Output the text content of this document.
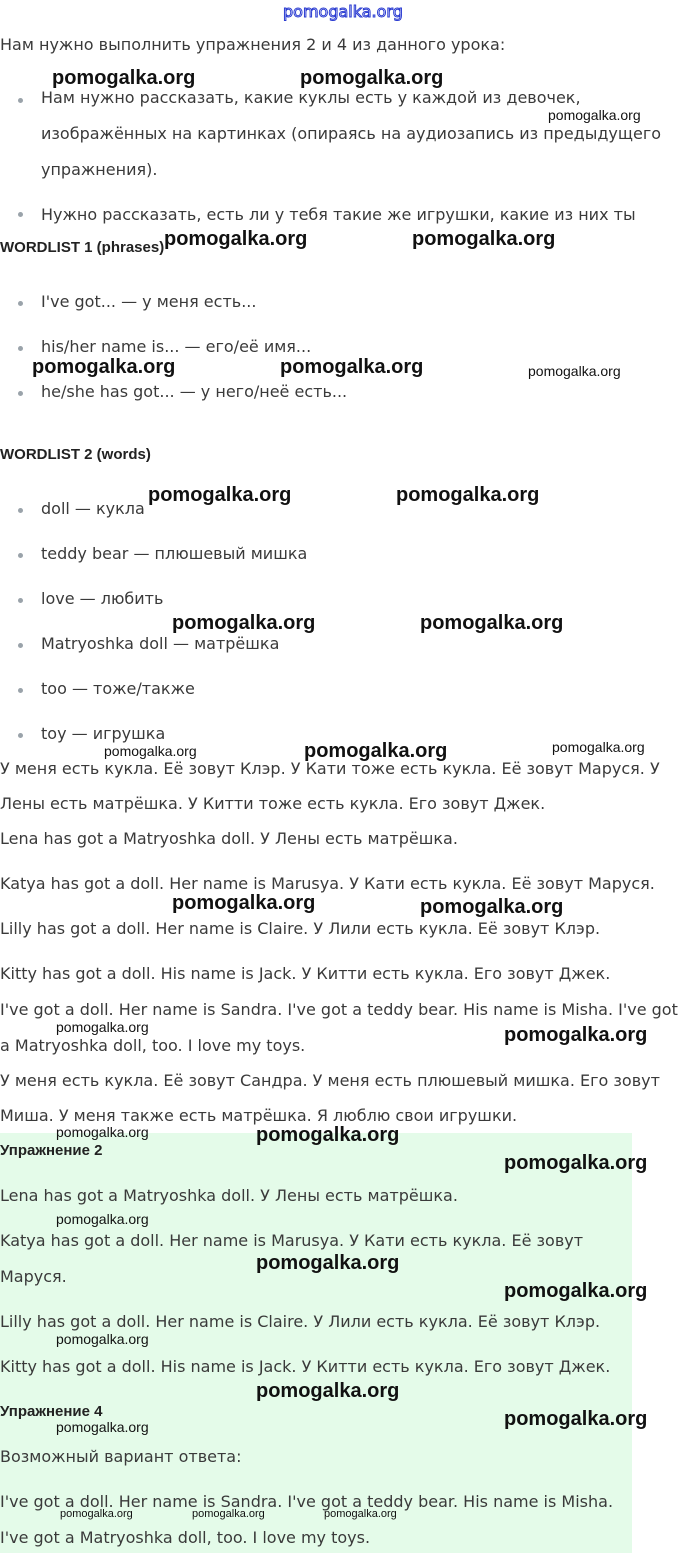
pomogalka.org
Нам нужно выполнить упражнения 2 и 4 из данного урока:
Нам нужно рассказать, какие куклы есть у каждой из девочек,
изображённых на картинках (опираясь на аудиозапись из предыдущего
упражнения).
Нужно рассказать, есть ли у тебя такие же игрушки, какие из них ты
WORDLIST 1 (phrases)
I've got... — у меня есть...
his/her name is... — его/её имя...
he/she has got... — у него/неё есть...
WORDLIST 2 (words)
doll — кукла
teddy bear — плюшевый мишка
love — любить
Matryoshka doll — матрёшка
too — тоже/также
toy — игрушка
У меня есть кукла. Её зовут Клэр. У Кати тоже есть кукла. Её зовут Маруся. У
Лены есть матрёшка. У Китти тоже есть кукла. Его зовут Джек.
Lena has got a Matryoshka doll. У Лены есть матрёшка.
Katya has got a doll. Her name is Marusya. У Кати есть кукла. Её зовут Маруся.
Lilly has got a doll. Her name is Claire. У Лили есть кукла. Её зовут Клэр.
Kitty has got a doll. His name is Jack. У Китти есть кукла. Его зовут Джек.
I've got a doll. Her name is Sandra. I've got a teddy bear. His name is Misha. I've got
a Matryoshka doll, too. I love my toys.
У меня есть кукла. Её зовут Сандра. У меня есть плюшевый мишка. Его зовут
Миша. У меня также есть матрёшка. Я люблю свои игрушки.
Упражнение 2
Lena has got a Matryoshka doll. У Лены есть матрёшка.
Katya has got a doll. Her name is Marusya. У Кати есть кукла. Её зовут
Маруся.
Lilly has got a doll. Her name is Claire. У Лили есть кукла. Её зовут Клэр.
Kitty has got a doll. His name is Jack. У Китти есть кукла. Его зовут Джек.
Упражнение 4
Возможный вариант ответа:
I've got a doll. Her name is Sandra. I've got a teddy bear. His name is Misha.
I've got a Matryoshka doll, too. I love my toys.
pomogalka.org	pomogalka.org
pomogalka.org
pomogalka.org	pomogalka.org
pomogalka.org	pomogalka.org	pomogalka.org
pomogalka.org	pomogalka.org
pomogalka.org	pomogalka.org
pomogalka.org	pomogalka.org	pomogalka.org
pomogalka.org	pomogalka.org
pomogalka.org	pomogalka.org
pomogalka.org	pomogalka.org
pomogalka.org
pomogalka.org
pomogalka.org
pomogalka.org
pomogalka.org
pomogalka.org
pomogalka.org
pomogalka.org
pomogalka.org	pomogalka.org	pomogalka.org
